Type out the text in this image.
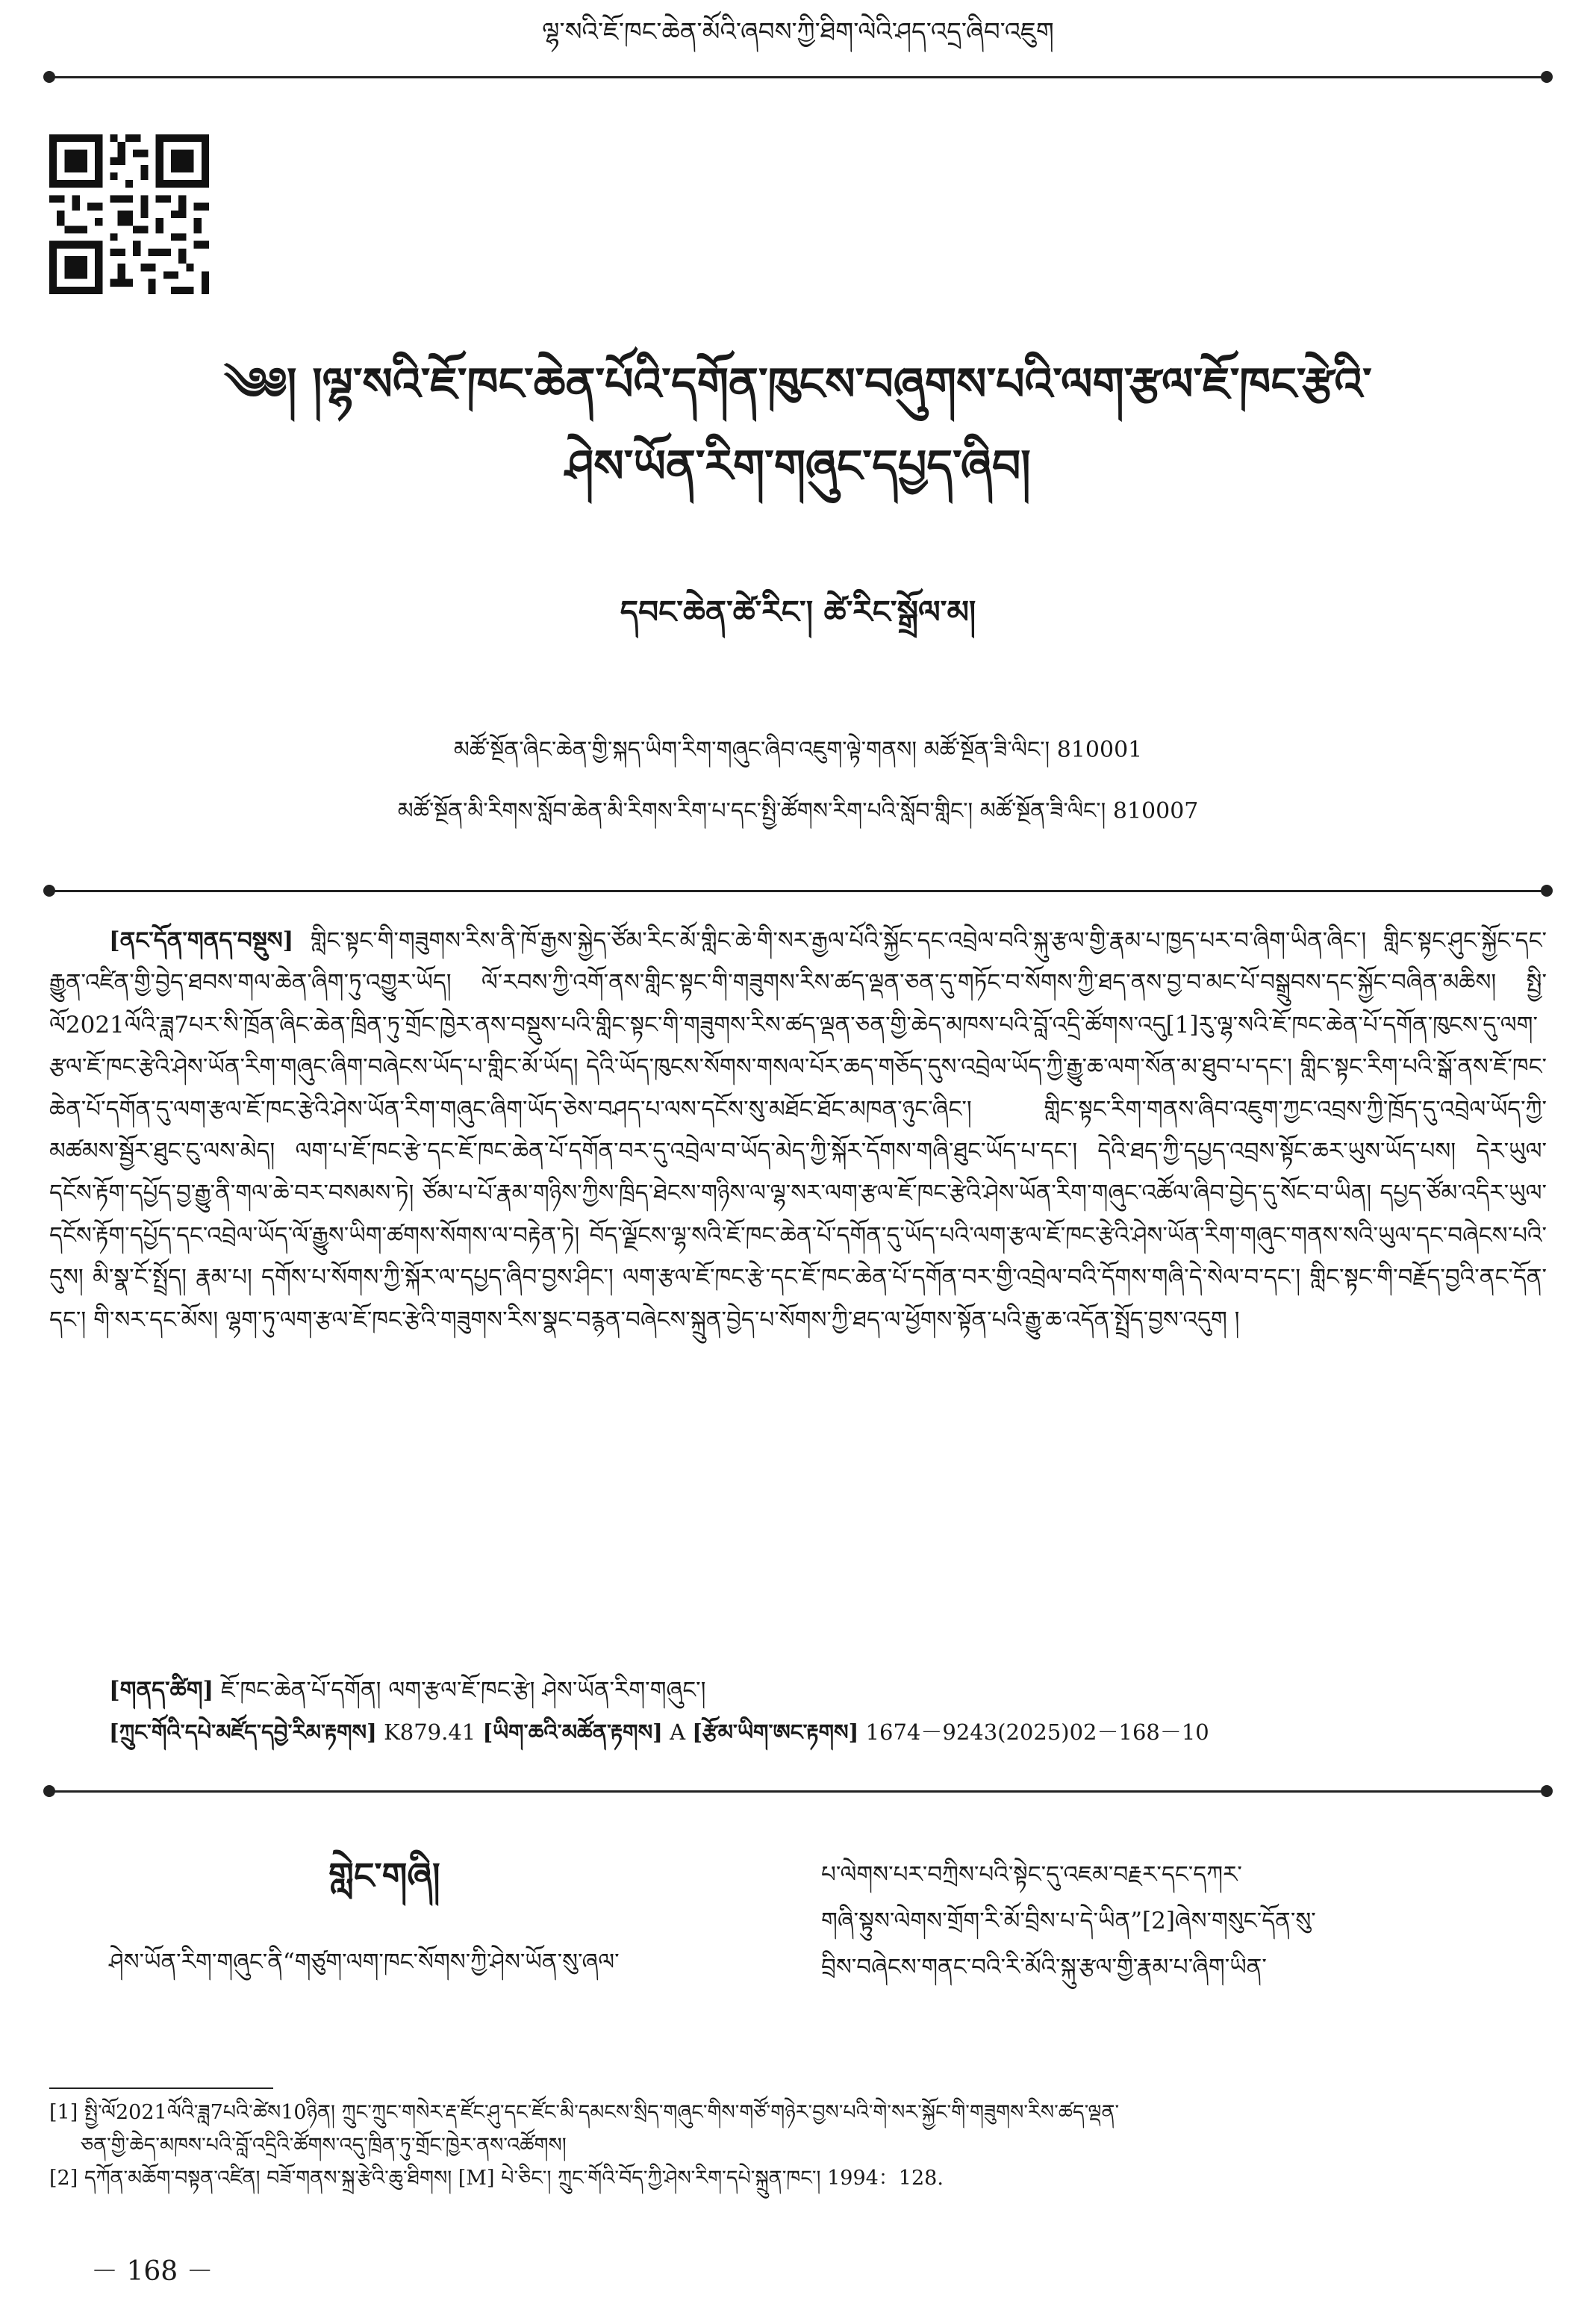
ལྷ་སའི་ཇོ་ཁང་ཆེན་མོའི་ཞབས་ཀྱི་ཐིག་ལེའི་ཤད་འདྲ་ཞིབ་འཇུག
༄༅། །ལྷ་སའི་ཇོ་ཁང་ཆེན་པོའི་དགོན་ཁུངས་བཞུགས་པའི་ལག་རྩལ་ཇོ་ཁང་རྩེའི་
ཤེས་ཡོན་རིག་གཞུང་དཔྱད་ཞིབ།
དབང་ཆེན་ཚེ་རིང་། ཚེ་རིང་སྒྲོལ་མ།
མཚོ་སྔོན་ཞིང་ཆེན་གྱི་སྐད་ཡིག་རིག་གཞུང་ཞིབ་འཇུག་ལྟེ་གནས། མཚོ་སྔོན་ཟི་ལིང་། 810001
མཚོ་སྔོན་མི་རིགས་སློབ་ཆེན་མི་རིགས་རིག་པ་དང་སྤྱི་ཚོགས་རིག་པའི་སློབ་གླིང་། མཚོ་སྔོན་ཟི་ལིང་། 810007

[ནང་དོན་གནད་བསྡུས] གླིང་སྟང་གི་གཟུགས་རིས་ནི་ཁོ་རྒྱས་སྐྱེད་ཙོམ་རིང་མོ་གླིང་ཆེ་གི་སར་རྒྱལ་པོའི་སྐྱོང་དང་འབྲེལ་བའི་སྐུ་རྩལ་གྱི་རྣམ་པ་ཁྱད་པར་བ་ཞིག་ཡིན་ཞིང་། གླིང་སྟང་ཤུང་སྐྱོང་དང་རྒྱུན་འཛིན་གྱི་བྱེད་ཐབས་གལ་ཆེན་ཞིག་ཏུ་འགྱུར་ཡོད། ལོ་རབས་ཀྱི་འགོ་ནས་གླིང་སྟང་གི་གཟུགས་རིས་ཚད་ལྡན་ཅན་དུ་གཏོང་བ་སོགས་ཀྱི་ཐད་ནས་བྱ་བ་མང་པོ་བསྒྲུབས་དང་སྐྱོང་བཞིན་མཆིས། སྤྱི་ལོ2021ལོའི་ཟླ7པར་སི་ཁྲོན་ཞིང་ཆེན་ཁྲིན་ཏུ་གྲོང་ཁྱེར་ནས་བསྡུས་པའི་གླིང་སྟང་གི་གཟུགས་རིས་ཚད་ལྡན་ཅན་གྱི་ཆེད་མཁས་པའི་བློ་འདྲི་ཚོགས་འདུ[1]རུ་ལྷ་སའི་ཇོ་ཁང་ཆེན་པོ་དགོན་ཁུངས་དུ་ལག་རྩལ་ཇོ་ཁང་རྩེའི་ཤེས་ཡོན་རིག་གཞུང་ཞིག་བཞེངས་ཡོད་པ་གླིང་མོ་ཡོད། དེའི་ཡོད་ཁུངས་སོགས་གསལ་པོར་ཆད་གཅོད་དུས་འབྲེལ་ཡོད་ཀྱི་རྒྱུ་ཆ་ལག་སོན་མ་ཐུབ་པ་དང་། གླིང་སྟང་རིག་པའི་སྒོ་ནས་ཇོ་ཁང་ཆེན་པོ་དགོན་དུ་ལག་རྩལ་ཇོ་ཁང་རྩེའི་ཤེས་ཡོན་རིག་གཞུང་ཞིག་ཡོད་ཅེས་བཤད་པ་ལས་དངོས་སུ་མཐོང་ཐོང་མཁན་ཉུང་ཞིང་། གླིང་སྟང་རིག་གནས་ཞིབ་འཇུག་ཀྱང་འབྲས་ཀྱི་ཁྲོད་དུ་འབྲེལ་ཡོད་ཀྱི་མཚམས་སྦྱོར་ཐུང་ངུ་ལས་མེད། ལག་པ་ཇོ་ཁང་རྩེ་དང་ཇོ་ཁང་ཆེན་པོ་དགོན་བར་དུ་འབྲེལ་བ་ཡོད་མེད་ཀྱི་སྐོར་དོགས་གཞི་ཐུང་ཡོད་པ་དང་། དེའི་ཐད་ཀྱི་དཔྱད་འབྲས་སྟོང་ཆར་ཡུས་ཡོད་པས། དེར་ཡུལ་དངོས་རྟོག་དཔྱོད་བྱ་རྒྱུ་ནི་གལ་ཆེ་བར་བསམས་ཏེ། ཙོམ་པ་པོ་རྣམ་གཉིས་ཀྱིས་ཁྲིད་ཐེངས་གཉིས་ལ་ལྷ་སར་ལག་རྩལ་ཇོ་ཁང་རྩེའི་ཤེས་ཡོན་རིག་གཞུང་འཚོལ་ཞིབ་བྱེད་དུ་སོང་བ་ཡིན། དཔྱད་ཙོམ་འདིར་ཡུལ་དངོས་རྟོག་དཔྱོད་དང་འབྲེལ་ཡོད་ལོ་རྒྱུས་ཡིག་ཚགས་སོགས་ལ་བརྟེན་ཏེ། བོད་ལྗོངས་ལྷ་སའི་ཇོ་ཁང་ཆེན་པོ་དགོན་དུ་ཡོད་པའི་ལག་རྩལ་ཇོ་ཁང་རྩེའི་ཤེས་ཡོན་རིག་གཞུང་གནས་སའི་ཡུལ་དང་བཞེངས་པའི་དུས། མི་སྣ་ངོ་སྤྲོད། རྣམ་པ། དགོས་པ་སོགས་ཀྱི་སྐོར་ལ་དཔྱད་ཞིབ་བྱས་ཤིང་། ལག་རྩལ་ཇོ་ཁང་རྩེ་དང་ཇོ་ཁང་ཆེན་པོ་དགོན་བར་གྱི་འབྲེལ་བའི་དོགས་གཞི་དེ་སེལ་བ་དང་། གླིང་སྟང་གི་བརྗོད་བྱའི་ནང་དོན་དང་། གི་སར་དང་མོས། ལྷག་ཏུ་ལག་རྩལ་ཇོ་ཁང་རྩེའི་གཟུགས་རིས་སྣང་བརྙན་བཞེངས་སྐྲུན་བྱེད་པ་སོགས་ཀྱི་ཐད་ལ་ཕྱོགས་སྟོན་པའི་རྒྱུ་ཆ་འདོན་སྤྲོད་བྱས་འདུག །

[གནད་ཚིག] ཇོ་ཁང་ཆེན་པོ་དགོན། ལག་རྩལ་ཇོ་ཁང་རྩེ། ཤེས་ཡོན་རིག་གཞུང་།
[ཀྲུང་གོའི་དཔེ་མཛོད་དབྱེ་རིམ་རྟགས] K879.41 [ཡིག་ཆའི་མཚོན་རྟགས] A [རྩོམ་ཡིག་ཨང་རྟགས] 1674－9243(2025)02－168－10
གླེང་གཞི།
ཤེས་ཡོན་རིག་གཞུང་ནི“གཙུག་ལག་ཁང་སོགས་ཀྱི་ཤེས་ཡོན་སུ་ཞལ་

པ་ལེགས་པར་བཀྲིས་པའི་སྟེང་དུ་འཇམ་བརྗར་དང་དཀར་

གཞི་སྟུས་ལེགས་གྲོག་རི་མོ་བྲིས་པ་དེ་ཡིན”[2]ཞེས་གསུང་དོན་སུ་

བྲིས་བཞེངས་གནང་བའི་རི་མོའི་སྐུ་རྩལ་གྱི་རྣམ་པ་ཞིག་ཡིན་

[1] སྤྱི་ལོ2021ལོའི་ཟླ7པའི་ཚེས10ཉིན། ཀྲུང་ཀྲུང་གསེར་རྡ་ཛོང་ཤུ་དང་ཛོང་མི་དམངས་སྲིད་གཞུང་གིས་གཙོ་གཉེར་བྱས་པའི་གེ་སར་སྐྱོང་གི་གཟུགས་རིས་ཚད་ལྡན་

ཅན་གྱི་ཆེད་མཁས་པའི་བློ་འདྲིའི་ཚོགས་འདུ་ཁྲིན་ཏུ་གྲོང་ཁྱེར་ནས་འཚོགས།

[2] དཀོན་མཆོག་བསྟན་འཛིན། བཟོ་གནས་སྐྲ་རྩེའི་ཆུ་ཐིགས། [M] པེ་ཅིང་། ཀྲུང་གོའི་བོད་ཀྱི་ཤེས་རིག་དཔེ་སྐྲུན་ཁང་། 1994：128.

－ 168 －
